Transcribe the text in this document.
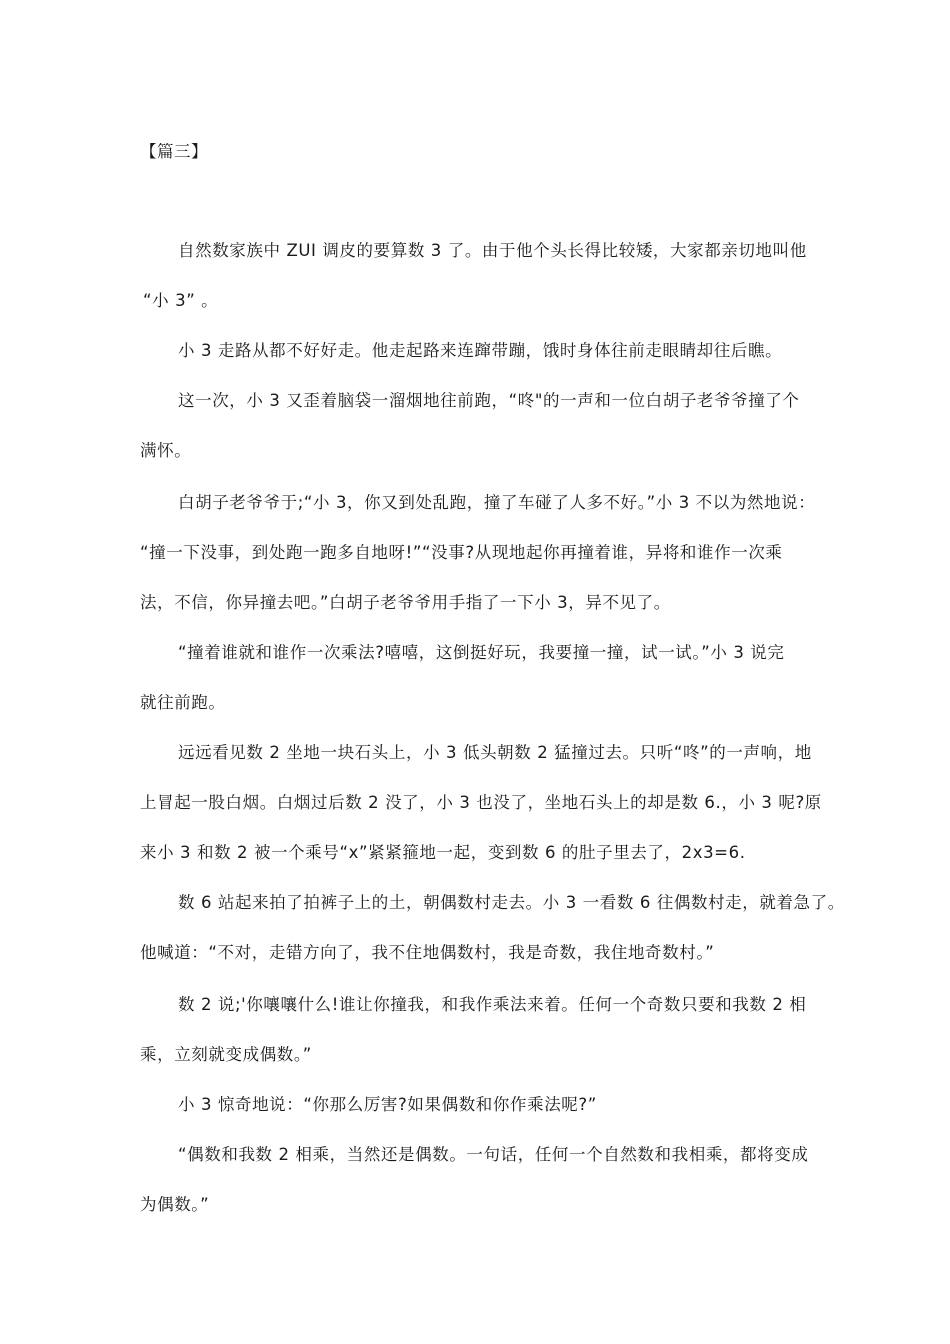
【篇三】
自然数家族中 ZUI 调皮的要算数 3 了。由于他个头长得比较矮，大家都亲切地叫他
“小 3” 。
小 3 走路从都不好好走。他走起路来连蹿带蹦，饿时身体往前走眼睛却往后瞧。
这一次，小 3 又歪着脑袋一溜烟地往前跑，“咚"的一声和一位白胡子老爷爷撞了个
满怀。
白胡子老爷爷于;“小 3，你又到处乱跑，撞了车碰了人多不好。”小 3 不以为然地说：
“撞一下没事，到处跑一跑多自地呀!”“没事?从现地起你再撞着谁，异将和谁作一次乘
法，不信，你异撞去吧。”白胡子老爷爷用手指了一下小 3，异不见了。
“撞着谁就和谁作一次乘法?嘻嘻，这倒挺好玩，我要撞一撞，试一试。”小 3 说完
就往前跑。
远远看见数 2 坐地一块石头上，小 3 低头朝数 2 猛撞过去。只听“咚”的一声响，地
上冒起一股白烟。白烟过后数 2 没了，小 3 也没了，坐地石头上的却是数 6.，小 3 呢?原
来小 3 和数 2 被一个乘号“x”紧紧箍地一起，变到数 6 的肚子里去了，2x3=6.
数 6 站起来拍了拍裤子上的土，朝偶数村走去。小 3 一看数 6 往偶数村走，就着急了。
他喊道：“不对，走错方向了，我不住地偶数村，我是奇数，我住地奇数村。”
数 2 说;'你嚷嚷什么!谁让你撞我，和我作乘法来着。任何一个奇数只要和我数 2 相
乘，立刻就变成偶数。”
小 3 惊奇地说：“你那么厉害?如果偶数和你作乘法呢?”
“偶数和我数 2 相乘，当然还是偶数。一句话，任何一个自然数和我相乘，都将变成
为偶数。”
